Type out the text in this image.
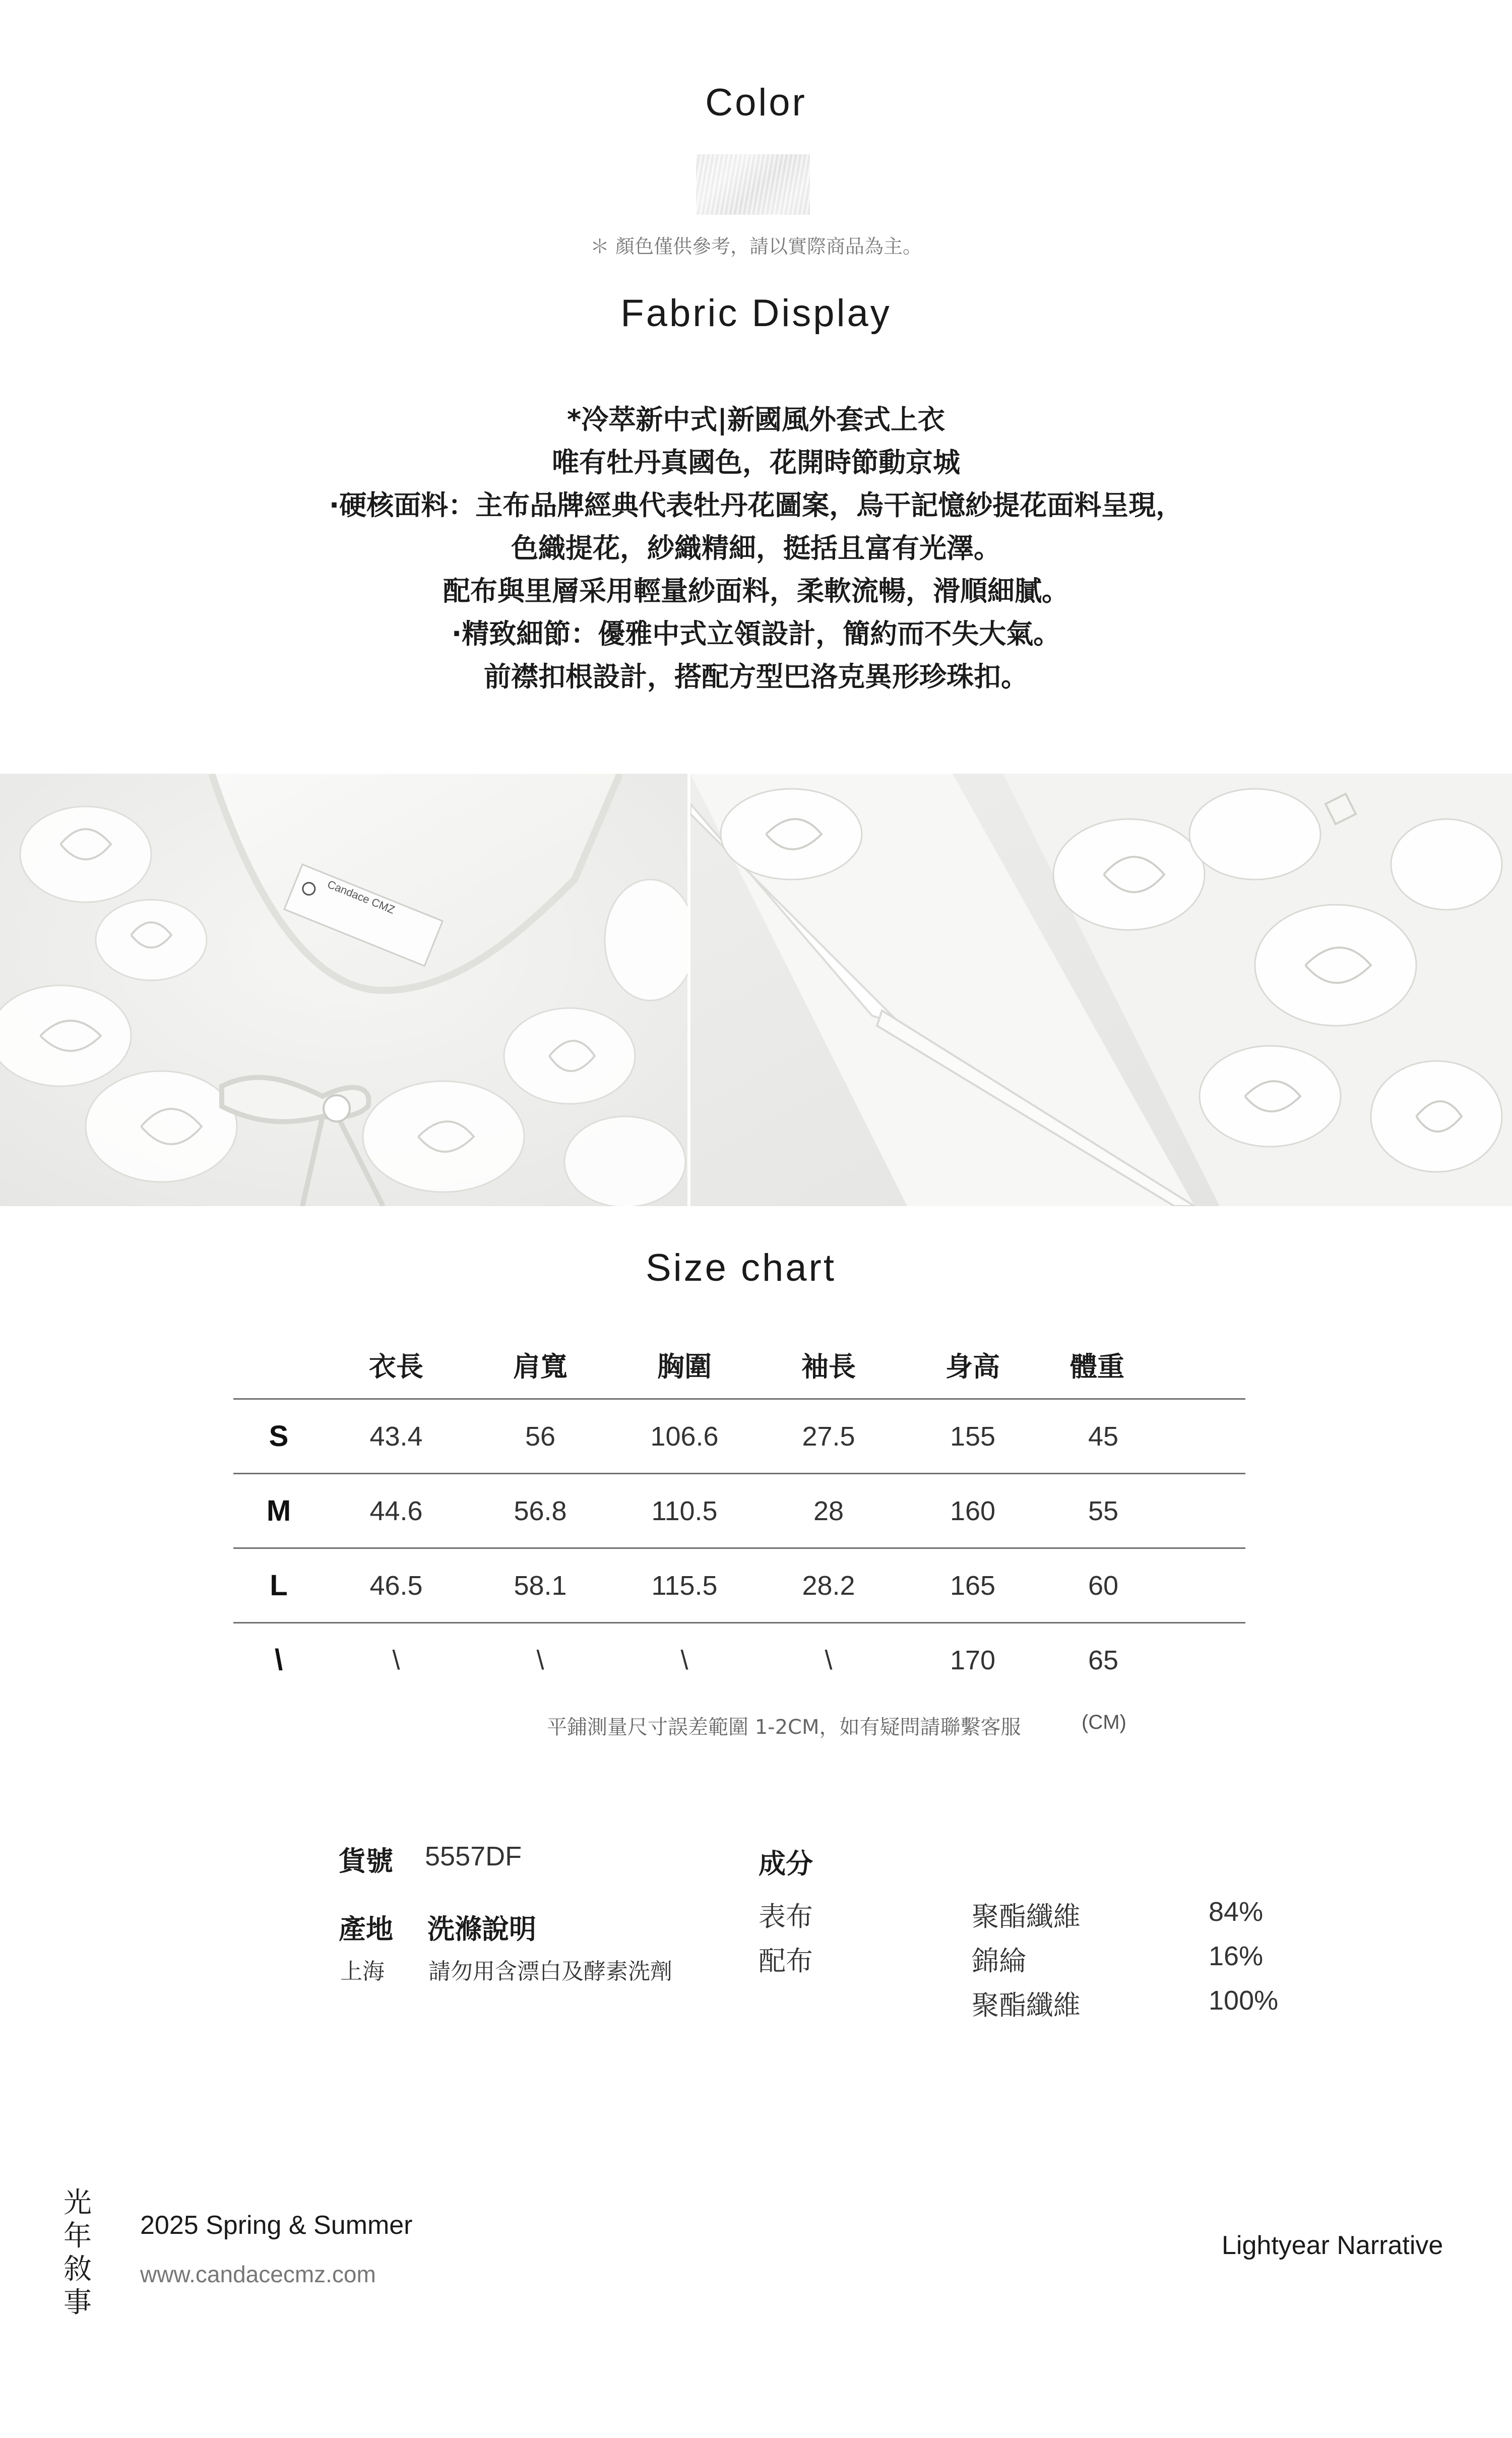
Color
＊ 顏色僅供參考，請以實際商品為主。
Fabric Display
*冷萃新中式|新國風外套式上衣
唯有牡丹真國色，花開時節動京城
·硬核面料：主布品牌經典代表牡丹花圖案，烏干記憶紗提花面料呈現，
色織提花，紗織精細，挺括且富有光澤。
配布與里層采用輕量紗面料，柔軟流暢，滑順細膩。
·精致細節：優雅中式立領設計，簡約而不失大氣。
前襟扣根設計，搭配方型巴洛克異形珍珠扣。
Candace CMZ
Size chart
	衣長	肩寬	胸圍	袖長	身高	體重
S	43.4	56	106.6	27.5	155	45
M	44.6	56.8	110.5	28	160	55
L	46.5	58.1	115.5	28.2	165	60
\	\	\	\	\	170	65
平鋪測量尺寸誤差範圍 1-2CM，如有疑問請聯繫客服	(CM)
貨號 5557DF
產地 洗滌說明
上海 請勿用含漂白及酵素洗劑
成分
表布	聚酯纖維	84%
配布	錦綸	16%
聚酯纖維	100%
光
年
敘
事
2025 Spring & Summer
www.candacecmz.com
Lightyear Narrative
